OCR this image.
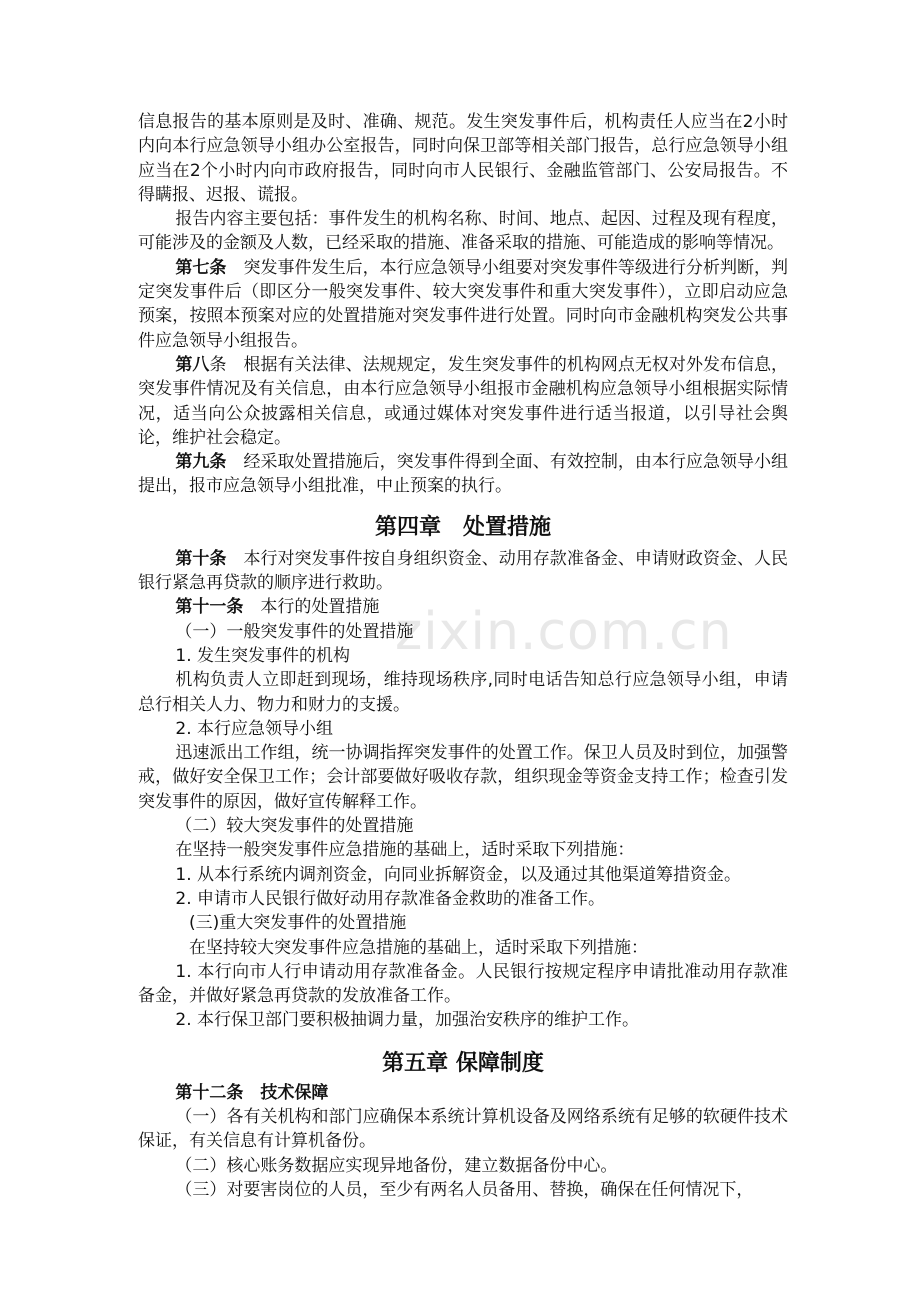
zixin.com.cn

信息报告的基本原则是及时、准确、规范。发生突发事件后，机构责任人应当在2小时内向本行应急领导小组办公室报告，同时向保卫部等相关部门报告，总行应急领导小组应当在2个小时内向市政府报告，同时向市人民银行、金融监管部门、公安局报告。不得瞒报、迟报、谎报。

报告内容主要包括：事件发生的机构名称、时间、地点、起因、过程及现有程度，可能涉及的金额及人数，已经采取的措施、准备采取的措施、可能造成的影响等情况。

第七条　 突发事件发生后，本行应急领导小组要对突发事件等级进行分析判断，判定突发事件后（即区分一般突发事件、较大突发事件和重大突发事件），立即启动应急预案，按照本预案对应的处置措施对突发事件进行处置。同时向市金融机构突发公共事件应急领导小组报告。

第八条　 根据有关法律、法规规定，发生突发事件的机构网点无权对外发布信息，突发事件情况及有关信息，由本行应急领导小组报市金融机构应急领导小组根据实际情况，适当向公众披露相关信息，或通过媒体对突发事件进行适当报道，以引导社会舆论，维护社会稳定。

第九条　 经采取处置措施后，突发事件得到全面、有效控制，由本行应急领导小组提出，报市应急领导小组批准，中止预案的执行。

第四章　处置措施

第十条　 本行对突发事件按自身组织资金、动用存款准备金、申请财政资金、人民银行紧急再贷款的顺序进行救助。

第十一条　 本行的处置措施

（一）一般突发事件的处置措施

1. 发生突发事件的机构

机构负责人立即赶到现场，维持现场秩序,同时电话告知总行应急领导小组，申请总行相关人力、物力和财力的支援。

2. 本行应急领导小组

迅速派出工作组，统一协调指挥突发事件的处置工作。保卫人员及时到位，加强警戒，做好安全保卫工作；会计部要做好吸收存款，组织现金等资金支持工作；检查引发突发事件的原因，做好宣传解释工作。

（二）较大突发事件的处置措施

在坚持一般突发事件应急措施的基础上，适时采取下列措施：

1. 从本行系统内调剂资金，向同业拆解资金，以及通过其他渠道筹措资金。

2. 申请市人民银行做好动用存款准备金救助的准备工作。

(三)重大突发事件的处置措施

在坚持较大突发事件应急措施的基础上，适时采取下列措施：

1. 本行向市人行申请动用存款准备金。人民银行按规定程序申请批准动用存款准备金，并做好紧急再贷款的发放准备工作。

2. 本行保卫部门要积极抽调力量，加强治安秩序的维护工作。

第五章 保障制度

第十二条　技术保障

（一）各有关机构和部门应确保本系统计算机设备及网络系统有足够的软硬件技术保证，有关信息有计算机备份。

（二）核心账务数据应实现异地备份，建立数据备份中心。

（三）对要害岗位的人员，至少有两名人员备用、替换，确保在任何情况下，
